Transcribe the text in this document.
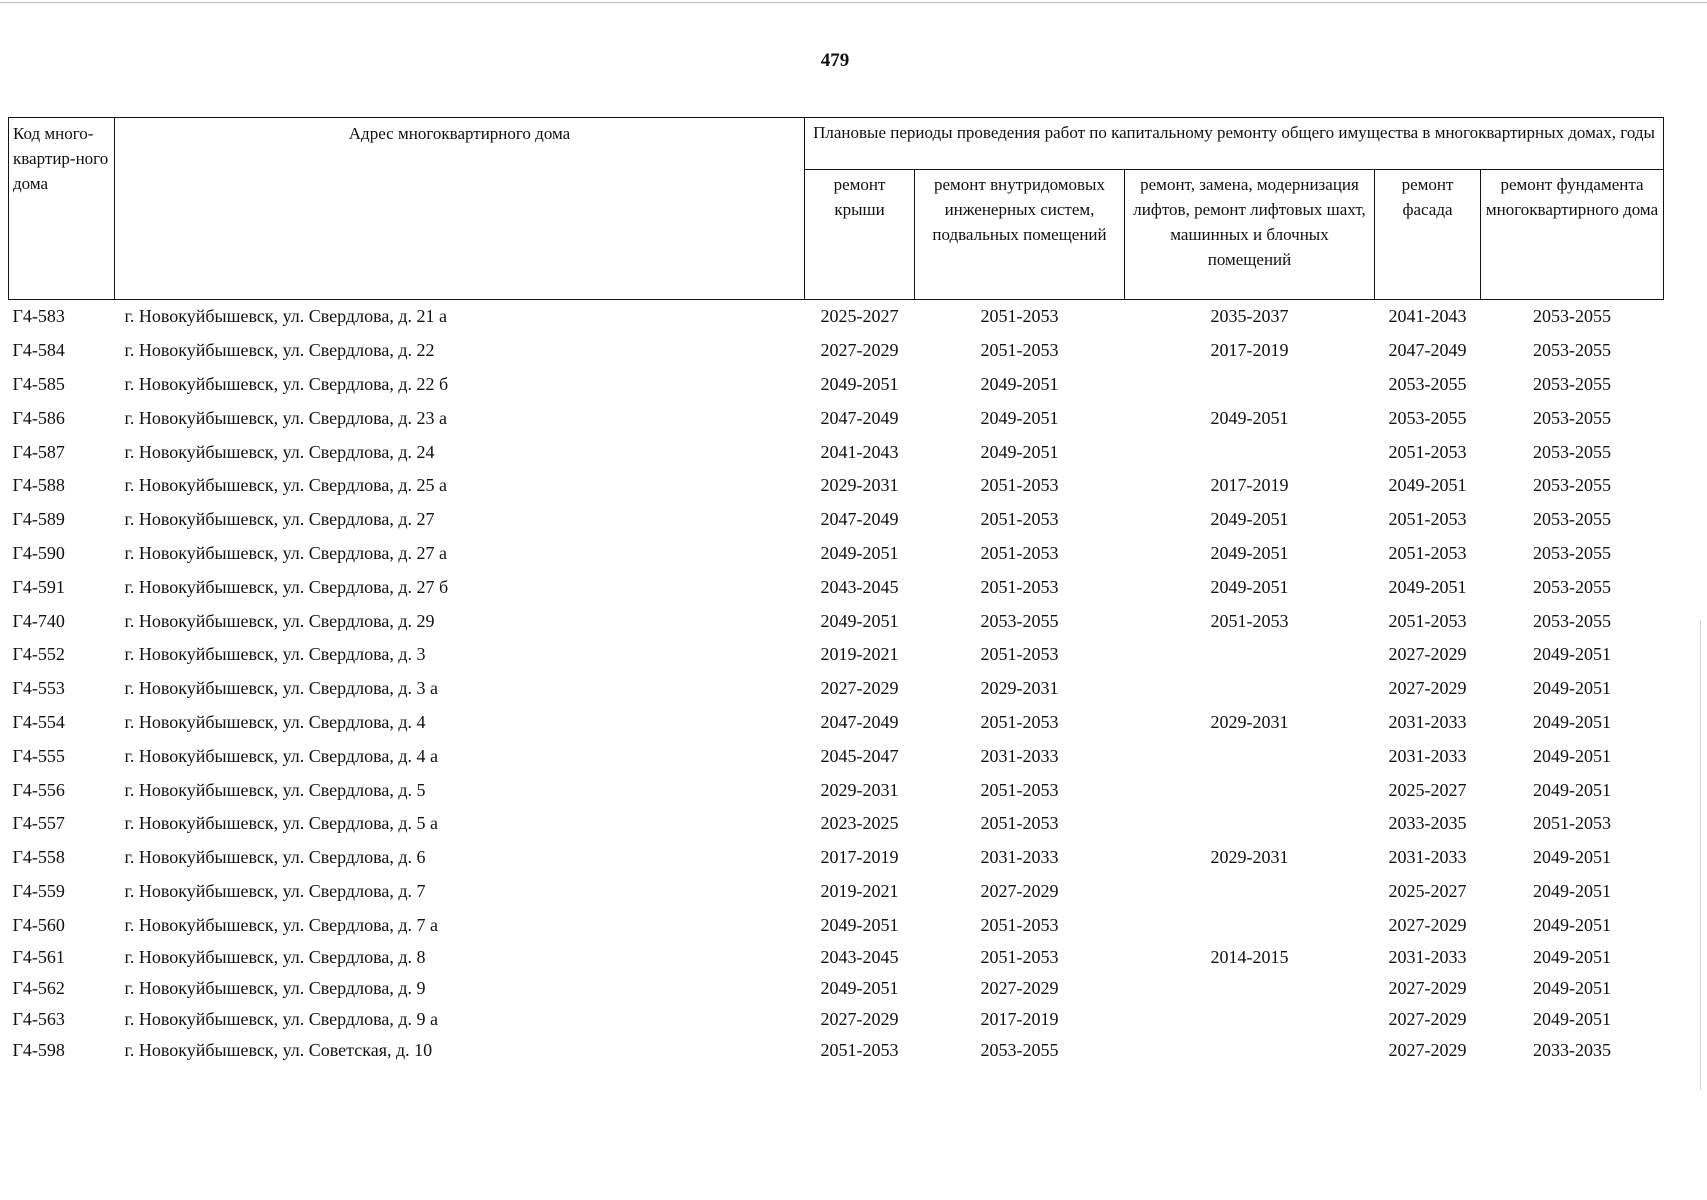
479
Код много-квартир-ного дома	Адрес многоквартирного дома	Плановые периоды проведения работ по капитальному ремонту общего имущества в многоквартирных домах, годы				
		ремонт крыши	ремонт внутридомовых инженерных систем, подвальных помещений	ремонт, замена, модернизация лифтов, ремонт лифтовых шахт, машинных и блочных помещений	ремонт фасада	ремонт фундамента многоквартирного дома
Г4-583	г. Новокуйбышевск, ул. Свердлова, д. 21 а	2025-2027	2051-2053	2035-2037	2041-2043	2053-2055
Г4-584	г. Новокуйбышевск, ул. Свердлова, д. 22	2027-2029	2051-2053	2017-2019	2047-2049	2053-2055
Г4-585	г. Новокуйбышевск, ул. Свердлова, д. 22 б	2049-2051	2049-2051		2053-2055	2053-2055
Г4-586	г. Новокуйбышевск, ул. Свердлова, д. 23 а	2047-2049	2049-2051	2049-2051	2053-2055	2053-2055
Г4-587	г. Новокуйбышевск, ул. Свердлова, д. 24	2041-2043	2049-2051		2051-2053	2053-2055
Г4-588	г. Новокуйбышевск, ул. Свердлова, д. 25 а	2029-2031	2051-2053	2017-2019	2049-2051	2053-2055
Г4-589	г. Новокуйбышевск, ул. Свердлова, д. 27	2047-2049	2051-2053	2049-2051	2051-2053	2053-2055
Г4-590	г. Новокуйбышевск, ул. Свердлова, д. 27 а	2049-2051	2051-2053	2049-2051	2051-2053	2053-2055
Г4-591	г. Новокуйбышевск, ул. Свердлова, д. 27 б	2043-2045	2051-2053	2049-2051	2049-2051	2053-2055
Г4-740	г. Новокуйбышевск, ул. Свердлова, д. 29	2049-2051	2053-2055	2051-2053	2051-2053	2053-2055
Г4-552	г. Новокуйбышевск, ул. Свердлова, д. 3	2019-2021	2051-2053		2027-2029	2049-2051
Г4-553	г. Новокуйбышевск, ул. Свердлова, д. 3 а	2027-2029	2029-2031		2027-2029	2049-2051
Г4-554	г. Новокуйбышевск, ул. Свердлова, д. 4	2047-2049	2051-2053	2029-2031	2031-2033	2049-2051
Г4-555	г. Новокуйбышевск, ул. Свердлова, д. 4 а	2045-2047	2031-2033		2031-2033	2049-2051
Г4-556	г. Новокуйбышевск, ул. Свердлова, д. 5	2029-2031	2051-2053		2025-2027	2049-2051
Г4-557	г. Новокуйбышевск, ул. Свердлова, д. 5 а	2023-2025	2051-2053		2033-2035	2051-2053
Г4-558	г. Новокуйбышевск, ул. Свердлова, д. 6	2017-2019	2031-2033	2029-2031	2031-2033	2049-2051
Г4-559	г. Новокуйбышевск, ул. Свердлова, д. 7	2019-2021	2027-2029		2025-2027	2049-2051
Г4-560	г. Новокуйбышевск, ул. Свердлова, д. 7 а	2049-2051	2051-2053		2027-2029	2049-2051
Г4-561	г. Новокуйбышевск, ул. Свердлова, д. 8	2043-2045	2051-2053	2014-2015	2031-2033	2049-2051
Г4-562	г. Новокуйбышевск, ул. Свердлова, д. 9	2049-2051	2027-2029		2027-2029	2049-2051
Г4-563	г. Новокуйбышевск, ул. Свердлова, д. 9 а	2027-2029	2017-2019		2027-2029	2049-2051
Г4-598	г. Новокуйбышевск, ул. Советская, д. 10	2051-2053	2053-2055		2027-2029	2033-2035
